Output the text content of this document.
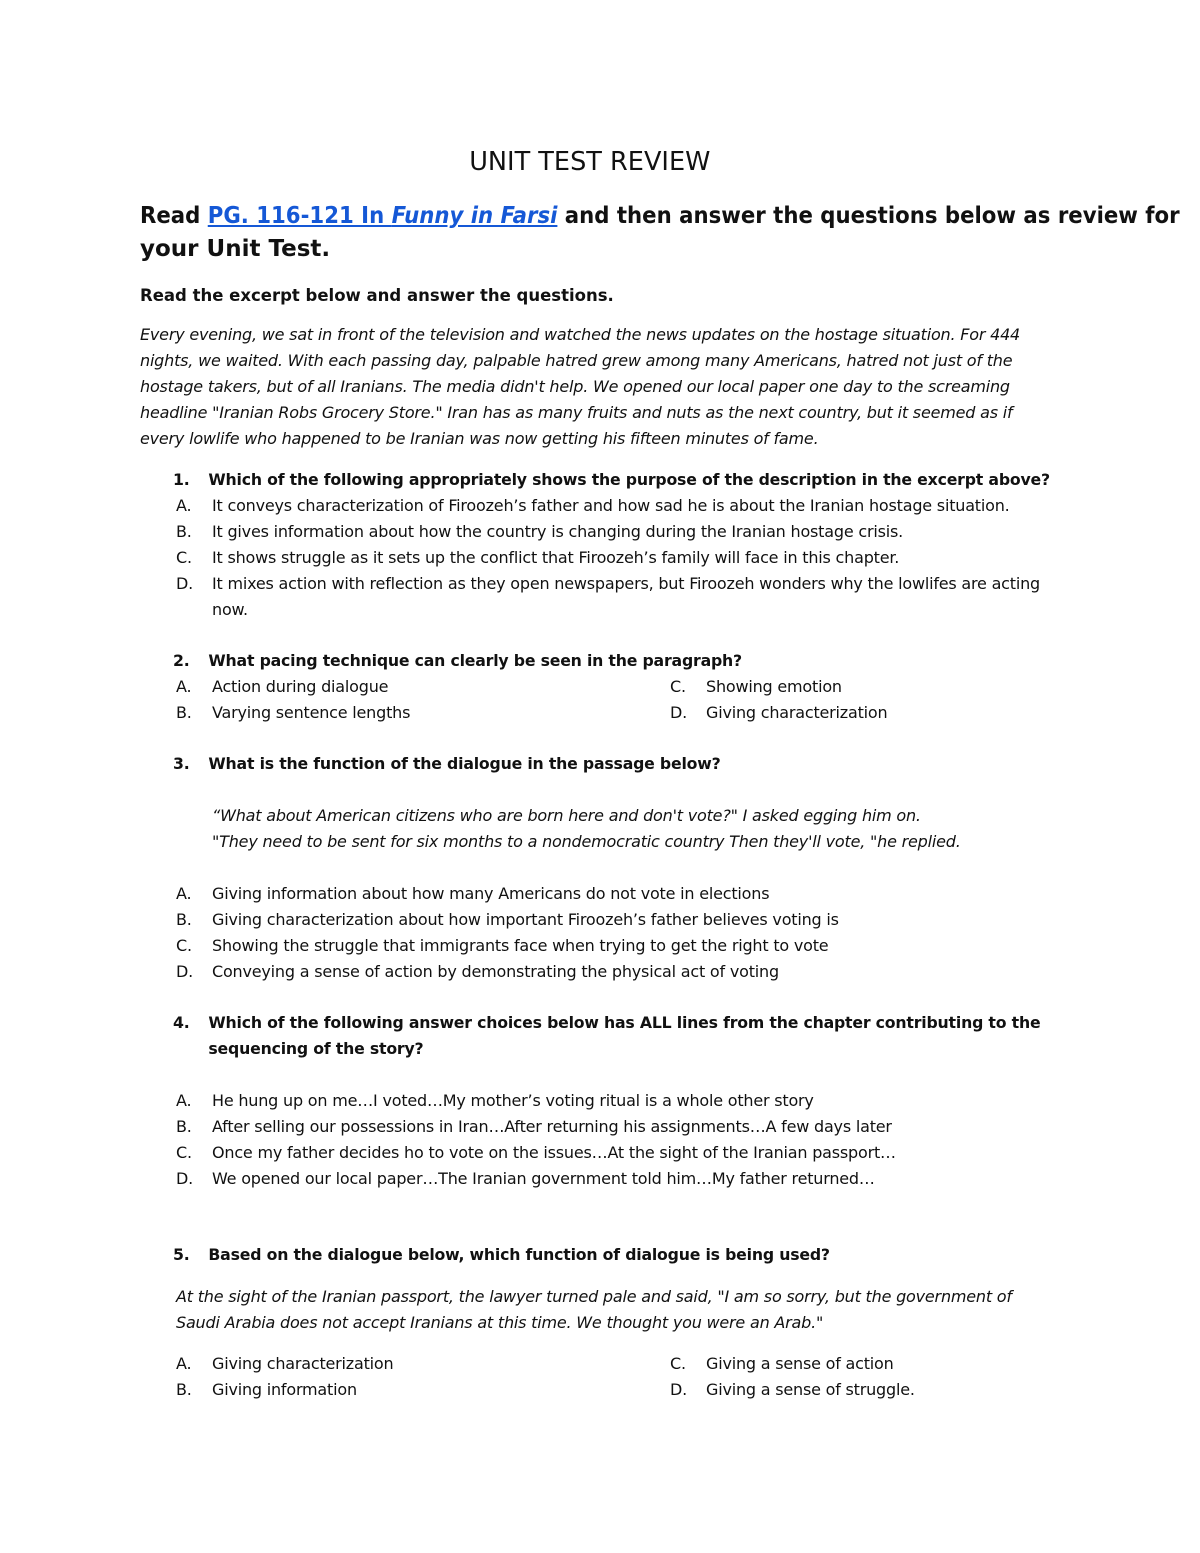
UNIT TEST REVIEW
Read PG. 116-121 In Funny in Farsi and then answer the questions below as review for
your Unit Test.
Read the excerpt below and answer the questions.
Every evening, we sat in front of the television and watched the news updates on the hostage situation. For 444
nights, we waited. With each passing day, palpable hatred grew among many Americans, hatred not just of the
hostage takers, but of all Iranians. The media didn't help. We opened our local paper one day to the screaming
headline "Iranian Robs Grocery Store." Iran has as many fruits and nuts as the next country, but it seemed as if
every lowlife who happened to be Iranian was now getting his fifteen minutes of fame.
1. Which of the following appropriately shows the purpose of the description in the excerpt above?
A. It conveys characterization of Firoozeh’s father and how sad he is about the Iranian hostage situation.
B. It gives information about how the country is changing during the Iranian hostage crisis.
C. It shows struggle as it sets up the conflict that Firoozeh’s family will face in this chapter.
D. It mixes action with reflection as they open newspapers, but Firoozeh wonders why the lowlifes are acting
now.
2. What pacing technique can clearly be seen in the paragraph?
A. Action during dialogue
B. Varying sentence lengths
C. Showing emotion
D. Giving characterization
3. What is the function of the dialogue in the passage below?
“What about American citizens who are born here and don't vote?" I asked egging him on.
"They need to be sent for six months to a nondemocratic country Then they'll vote, "he replied.
A. Giving information about how many Americans do not vote in elections
B. Giving characterization about how important Firoozeh’s father believes voting is
C. Showing the struggle that immigrants face when trying to get the right to vote
D. Conveying a sense of action by demonstrating the physical act of voting
4. Which of the following answer choices below has ALL lines from the chapter contributing to the
sequencing of the story?
A. He hung up on me…I voted…My mother’s voting ritual is a whole other story
B. After selling our possessions in Iran…After returning his assignments…A few days later
C. Once my father decides ho to vote on the issues…At the sight of the Iranian passport…
D. We opened our local paper…The Iranian government told him…My father returned…
5. Based on the dialogue below, which function of dialogue is being used?
At the sight of the Iranian passport, the lawyer turned pale and said, "I am so sorry, but the government of
Saudi Arabia does not accept Iranians at this time. We thought you were an Arab."
A. Giving characterization
B. Giving information
C. Giving a sense of action
D. Giving a sense of struggle.
